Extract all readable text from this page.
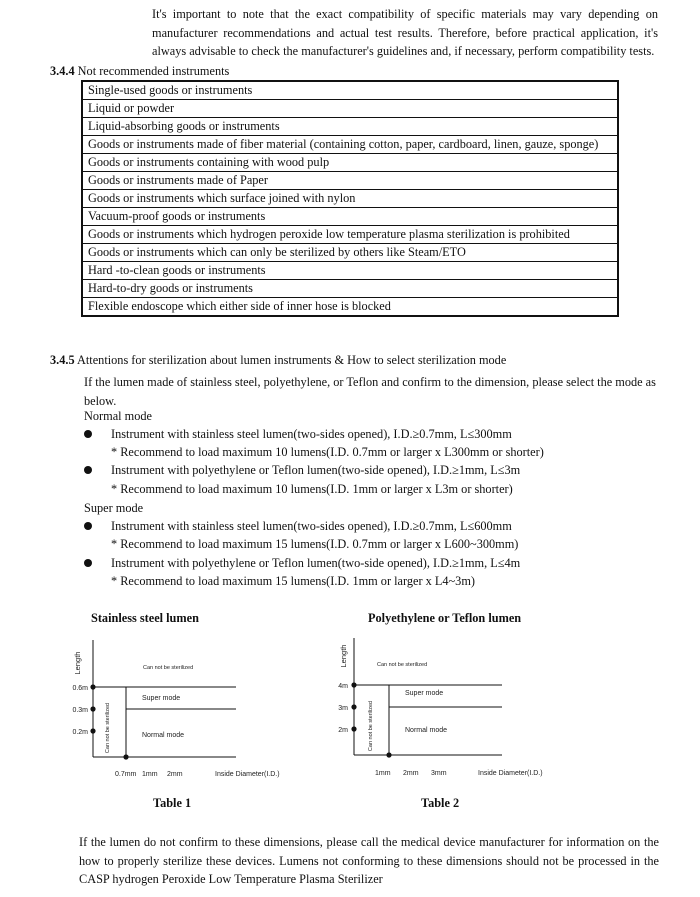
It's important to note that the exact compatibility of specific materials may vary depending on manufacturer recommendations and actual test results. Therefore, before practical application, it's always advisable to check the manufacturer's guidelines and, if necessary, perform compatibility tests.

3.4.4 Not recommended instruments
Single-used goods or instruments
Liquid or powder
Liquid-absorbing goods or instruments
Goods or instruments made of fiber material (containing cotton, paper, cardboard, linen, gauze, sponge)
Goods or instruments containing with wood pulp
Goods or instruments made of Paper
Goods or instruments which surface joined with nylon
Vacuum-proof goods or instruments
Goods or instruments which hydrogen peroxide low temperature plasma sterilization is prohibited
Goods or instruments which can only be sterilized by others like Steam/ETO
Hard -to-clean goods or instruments
Hard-to-dry goods or instruments
Flexible endoscope which either side of inner hose is blocked
3.4.5 Attentions for sterilization about lumen instruments & How to select sterilization mode
If the lumen made of stainless steel, polyethylene, or Teflon and confirm to the dimension, please select the mode as below.
Normal mode
Instrument with stainless steel lumen(two-sides opened), I.D.≥0.7mm, L≤300mm
* Recommend to load maximum 10 lumens(I.D. 0.7mm or larger x L300mm or shorter)
Instrument with polyethylene or Teflon lumen(two-side opened), I.D.≥1mm, L≤3m
* Recommend to load maximum 10 lumens(I.D. 1mm or larger x L3m or shorter)
Super mode
Instrument with stainless steel lumen(two-sides opened), I.D.≥0.7mm, L≤600mm
* Recommend to load maximum 15 lumens(I.D. 0.7mm or larger x L600~300mm)
Instrument with polyethylene or Teflon lumen(two-side opened), I.D.≥1mm, L≤4m
* Recommend to load maximum 15 lumens(I.D. 1mm or larger x L4~3m)
Stainless steel lumen
Length
0.6m
0.3m
0.2m
0.7mm 1mm 2mm	Inside Diameter(I.D.)
Can not be sterilized
Can not be sterilized
Super mode
Normal mode
Table 1
Polyethylene or Teflon lumen
Length
4m
3m
2m
1mm 2mm 3mm	Inside Diameter(I.D.)
Can not be sterilized
Can not be sterilized
Super mode
Normal mode
Table 2
If the lumen do not confirm to these dimensions, please call the medical device manufacturer for information on the how to properly sterilize these devices. Lumens not conforming to these dimensions should not be processed in the CASP hydrogen Peroxide Low Temperature Plasma Sterilizer
